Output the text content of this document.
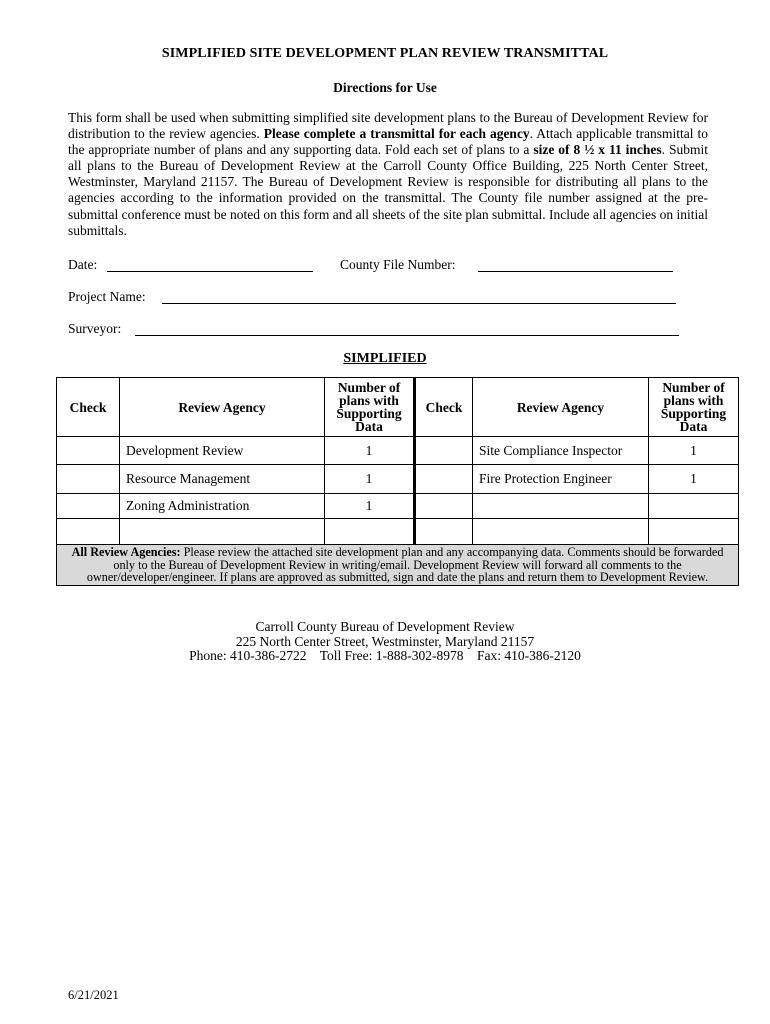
SIMPLIFIED SITE DEVELOPMENT PLAN REVIEW TRANSMITTAL
Directions for Use

This form shall be used when submitting simplified site development plans to the Bureau of Development Review for distribution to the review agencies. Please complete a transmittal for each agency. Attach applicable transmittal to the appropriate number of plans and any supporting data. Fold each set of plans to a size of 8 ½ x 11 inches. Submit all plans to the Bureau of Development Review at the Carroll County Office Building, 225 North Center Street, Westminster, Maryland 21157. The Bureau of Development Review is responsible for distributing all plans to the agencies according to the information provided on the transmittal. The County file number assigned at the pre-submittal conference must be noted on this form and all sheets of the site plan submittal. Include all agencies on initial submittals.

Date:	County File Number:
Project Name:
Surveyor:
SIMPLIFIED
Check	Review Agency	Number of plans with Supporting Data	Check	Review Agency	Number of plans with Supporting Data
	Development Review	1		Site Compliance Inspector	1
	Resource Management	1		Fire Protection Engineer	1
	Zoning Administration	1			

All Review Agencies: Please review the attached site development plan and any accompanying data. Comments should be forwarded only to the Bureau of Development Review in writing/email. Development Review will forward all comments to the owner/developer/engineer. If plans are approved as submitted, sign and date the plans and return them to Development Review.					
Carroll County Bureau of Development Review
225 North Center Street, Westminster, Maryland 21157
Phone: 410-386-2722 Toll Free: 1-888-302-8978 Fax: 410-386-2120
6/21/2021
